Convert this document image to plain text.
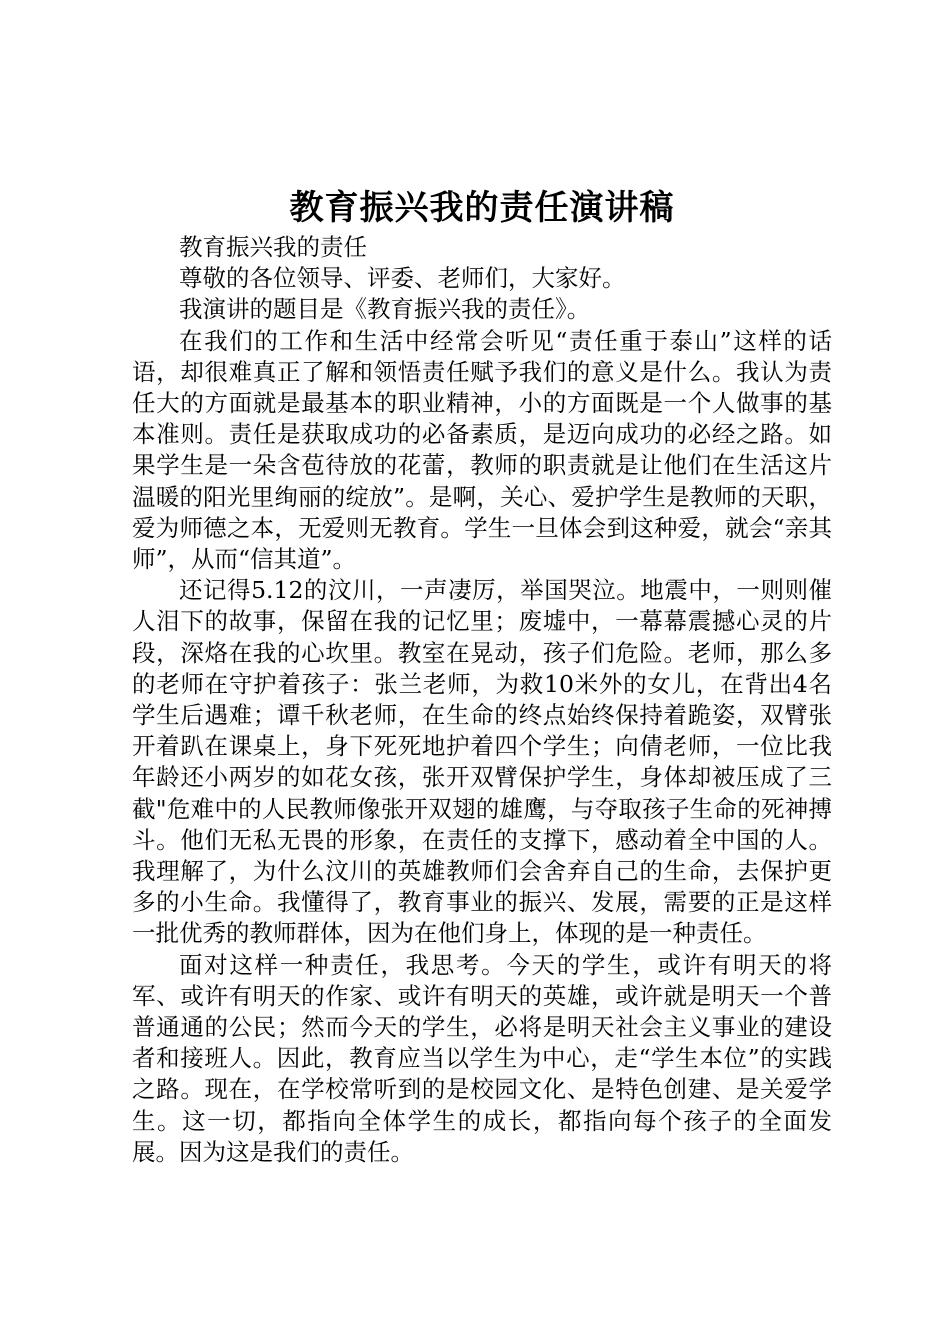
教育振兴我的责任演讲稿

教育振兴我的责任

尊敬的各位领导、评委、老师们，大家好。

我演讲的题目是《教育振兴我的责任》。

在我们的工作和生活中经常会听见“责任重于泰山”这样的话语，却很难真正了解和领悟责任赋予我们的意义是什么。我认为责任大的方面就是最基本的职业精神，小的方面既是一个人做事的基本准则。责任是获取成功的必备素质，是迈向成功的必经之路。如果学生是一朵含苞待放的花蕾，教师的职责就是让他们在生活这片温暖的阳光里绚丽的绽放”。是啊，关心、爱护学生是教师的天职，爱为师德之本，无爱则无教育。学生一旦体会到这种爱，就会“亲其师”，从而“信其道”。

还记得5.12的汶川，一声凄厉，举国哭泣。地震中，一则则催人泪下的故事，保留在我的记忆里；废墟中，一幕幕震撼心灵的片段，深烙在我的心坎里。教室在晃动，孩子们危险。老师，那么多的老师在守护着孩子：张兰老师，为救10米外的女儿，在背出4名学生后遇难；谭千秋老师，在生命的终点始终保持着跪姿，双臂张开着趴在课桌上，身下死死地护着四个学生；向倩老师，一位比我年龄还小两岁的如花女孩，张开双臂保护学生，身体却被压成了三截"危难中的人民教师像张开双翅的雄鹰，与夺取孩子生命的死神搏斗。他们无私无畏的形象，在责任的支撑下，感动着全中国的人。我理解了，为什么汶川的英雄教师们会舍弃自己的生命，去保护更多的小生命。我懂得了，教育事业的振兴、发展，需要的正是这样一批优秀的教师群体，因为在他们身上，体现的是一种责任。

面对这样一种责任，我思考。今天的学生，或许有明天的将军、或许有明天的作家、或许有明天的英雄，或许就是明天一个普普通通的公民；然而今天的学生，必将是明天社会主义事业的建设者和接班人。因此，教育应当以学生为中心，走“学生本位”的实践之路。现在，在学校常听到的是校园文化、是特色创建、是关爱学生。这一切，都指向全体学生的成长，都指向每个孩子的全面发展。因为这是我们的责任。
